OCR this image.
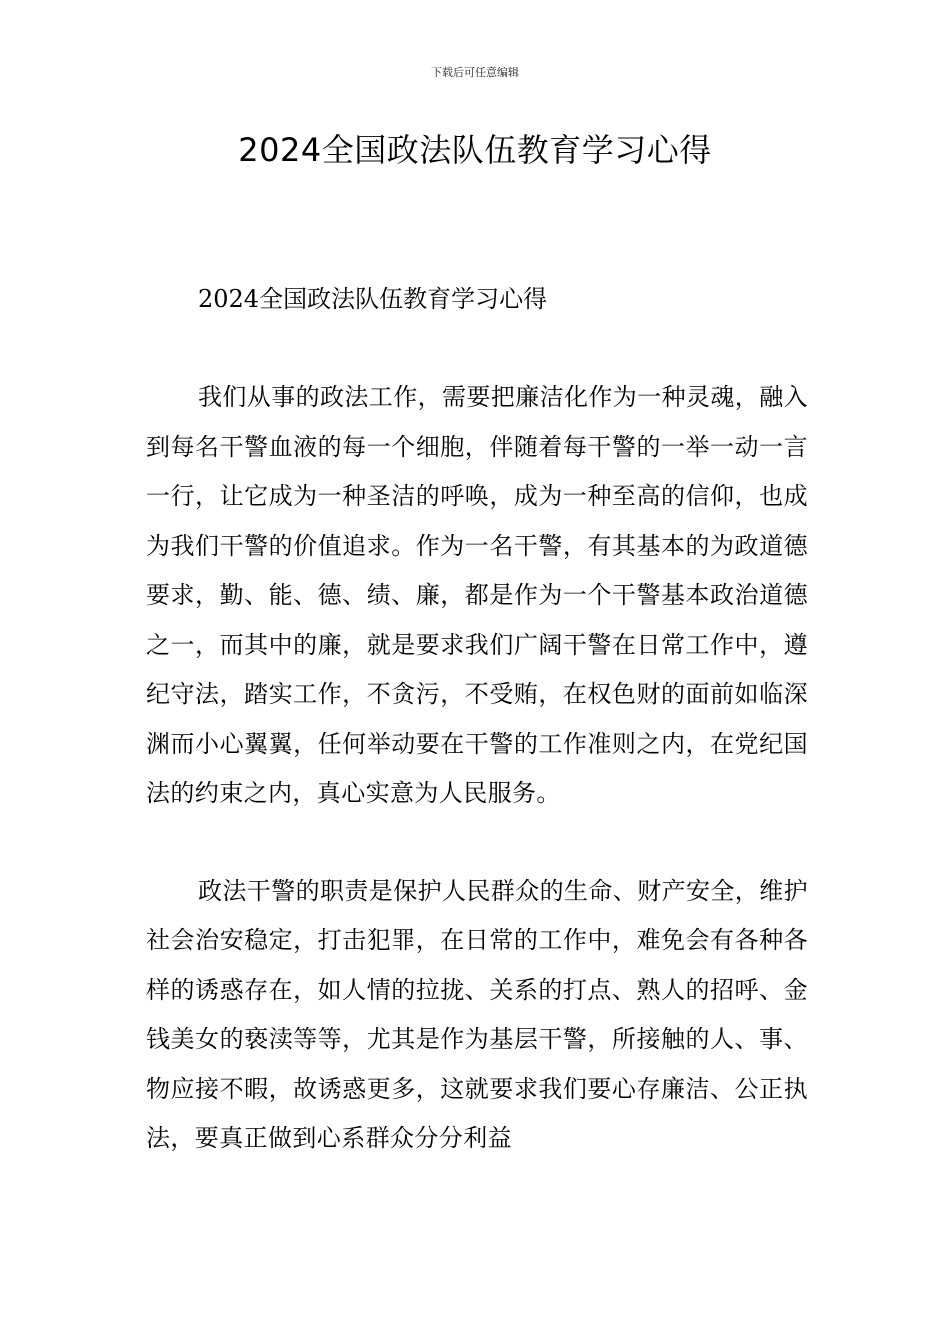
下载后可任意编辑
2024全国政法队伍教育学习心得

2024全国政法队伍教育学习心得

我们从事的政法工作，需要把廉洁化作为一种灵魂，融入到每名干警血液的每一个细胞，伴随着每干警的一举一动一言一行，让它成为一种圣洁的呼唤，成为一种至高的信仰，也成为我们干警的价值追求。作为一名干警，有其基本的为政道德要求，勤、能、德、绩、廉，都是作为一个干警基本政治道德之一，而其中的廉，就是要求我们广阔干警在日常工作中，遵纪守法，踏实工作，不贪污，不受贿，在权色财的面前如临深渊而小心翼翼，任何举动要在干警的工作准则之内，在党纪国法的约束之内，真心实意为人民服务。

政法干警的职责是保护人民群众的生命、财产安全，维护社会治安稳定，打击犯罪，在日常的工作中，难免会有各种各样的诱惑存在，如人情的拉拢、关系的打点、熟人的招呼、金钱美女的亵渎等等，尤其是作为基层干警，所接触的人、事、物应接不暇，故诱惑更多，这就要求我们要心存廉洁、公正执法，要真正做到心系群众分分利益
